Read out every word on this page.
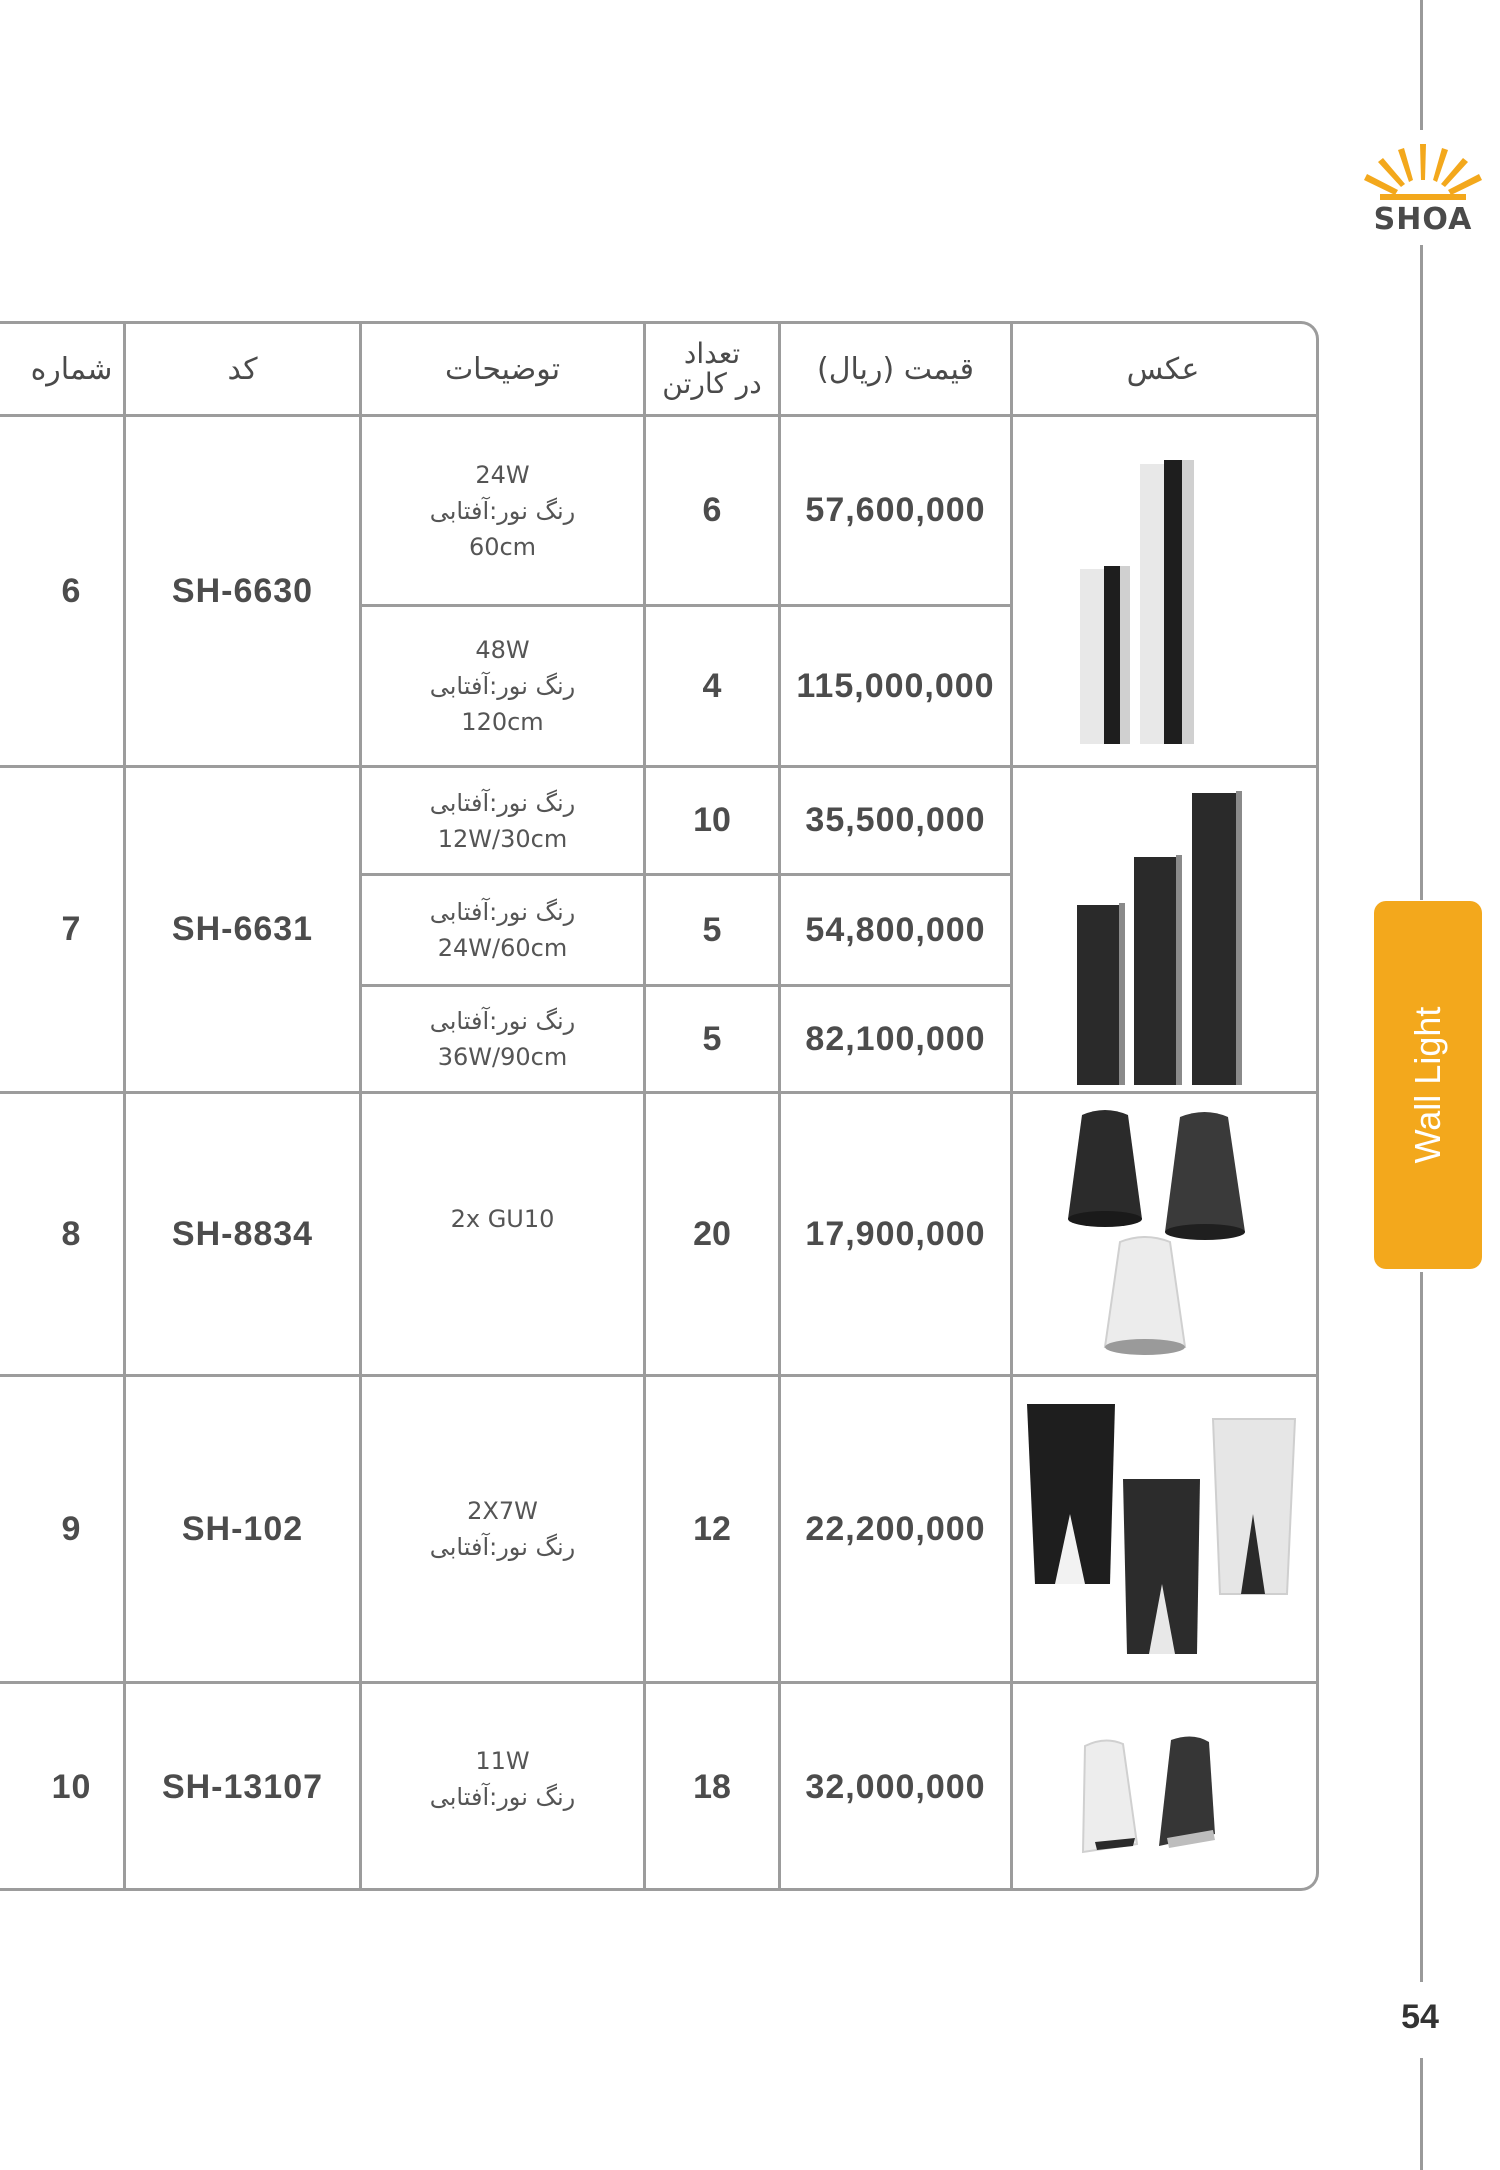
SHOA
Wall Light
54
عکس
قیمت (ریال)
تعداد
در کارتن
توضیحات
کد
شماره
6	SH-6630
24W
رنگ نور:آفتابی
60cm
6	57,600,000
48W
رنگ نور:آفتابی
120cm
4	115,000,000
7	SH-6631
رنگ نور:آفتابی
12W/30cm	10	35,500,000
رنگ نور:آفتابی
24W/60cm	5	54,800,000
رنگ نور:آفتابی
36W/90cm	5	82,100,000
8	SH-8834	2x GU10	20	17,900,000
9	SH-102	2X7W
رنگ نور:آفتابی	12	22,200,000
10	SH-13107
11W
رنگ نور:آفتابی	18	32,000,000
